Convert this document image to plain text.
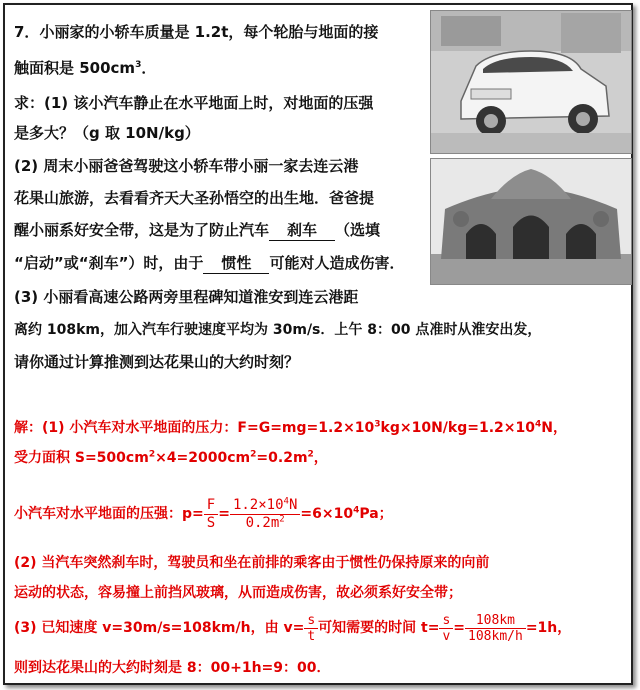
7．小丽家的小轿车质量是 1.2t，每个轮胎与地面的接
触面积是 $500cm^3$．
求：(1) 该小汽车静止在水平地面上时，对地面的压强
是多大？（g 取 10N/kg）
(2) 周末小丽爸爸驾驶这小轿车带小丽一家去连云港
花果山旅游，去看看齐天大圣孙悟空的出生地．爸爸提
醒小丽系好安全带，这是为了防止汽车 刹车 （选填
“启动”或“刹车”）时，由于 惯性 可能对人造成伤害．
(3) 小丽看高速公路两旁里程碑知道淮安到连云港距
离约 108km，加入汽车行驶速度平均为 30m/s．上午 8：00 点准时从淮安出发，
请你通过计算推测到达花果山的大约时刻？
解：(1) 小汽车对水平地面的压力：$F=G=mg=1.2\times 10^3kg\times 10N/kg=1.2\times 10^4N$，
受力面积 $S=500cm^2\times 4=2000cm^2=0.2m^2$，
小汽车对水平地面的压强：$p= \frac{F}{S} = \frac{1.2\times 10^4N}{0.2m^2} =6\times 10^4Pa$；
(2) 当汽车突然刹车时，驾驶员和坐在前排的乘客由于惯性仍保持原来的向前
运动的状态，容易撞上前挡风玻璃，从而造成伤害，故必须系好安全带；
(3) 已知速度 v=30m/s=108km/h，由 $v= \frac{s}{t}$ 可知需要的时间 $t= \frac{s}{v} = \frac{108km}{108km/h} =1h$，
则到达花果山的大约时刻是 8：00+1h=9：00．
